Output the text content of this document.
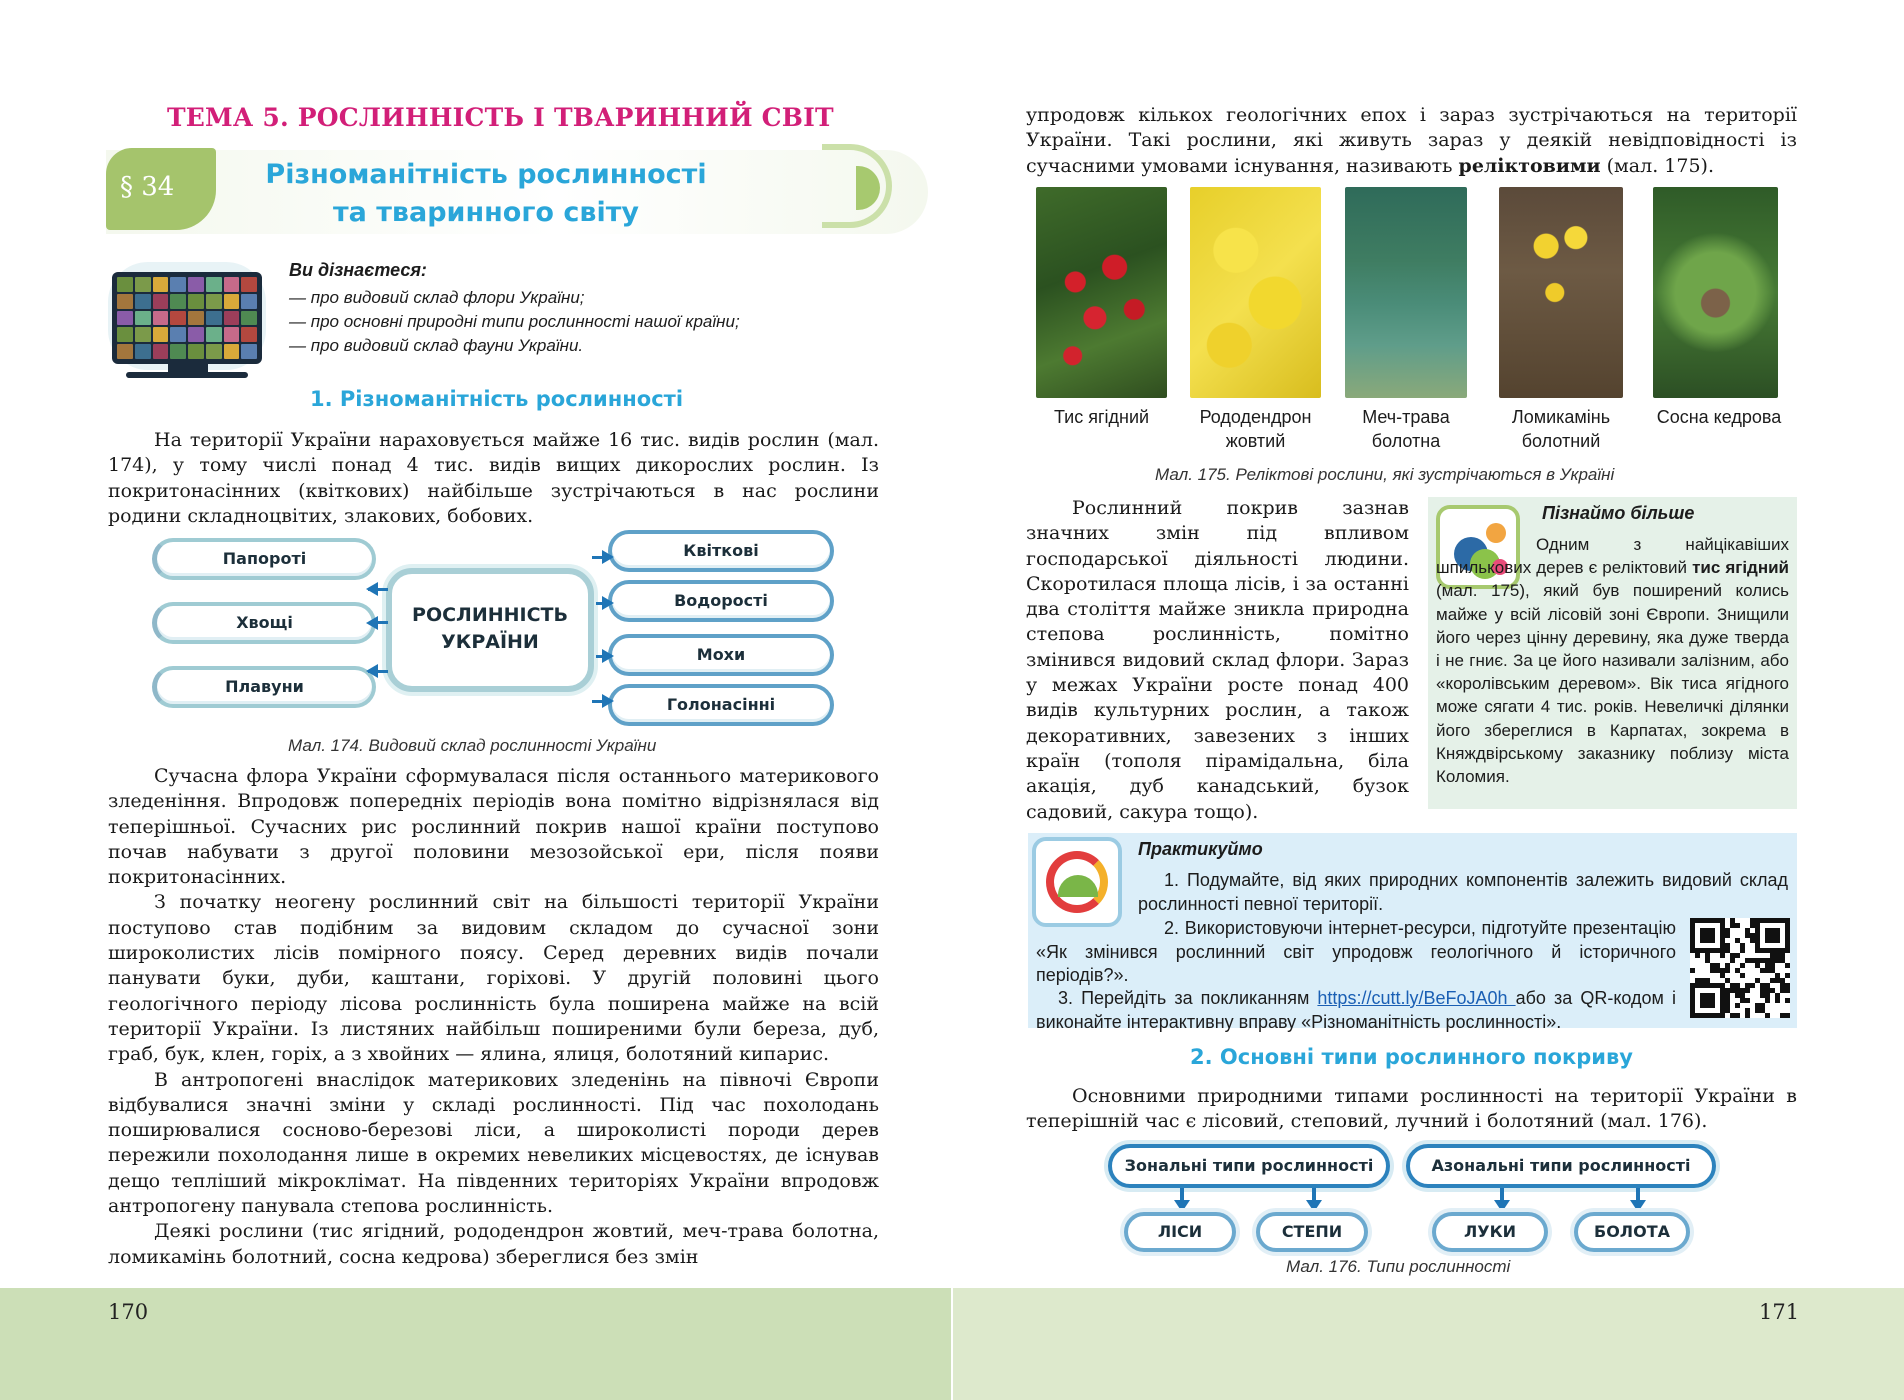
ТЕМА 5. РОСЛИННІСТЬ І ТВАРИННИЙ СВІТ
§ 34	Різноманітність рослинності
та тваринного світу
Ви дізнаєтеся:
— про видовий склад флори України;
— про основні природні типи рослинності нашої країни;
— про видовий склад фауни України.
1. Різноманітність рослинності

На території України нараховується майже 16 тис. видів рослин (мал. 174), у тому числі понад 4 тис. видів вищих дикорослих рослин. Із покритонасінних (квіткових) найбільше зустрічаються в нас рослини родини складноцвітих, злакових, бобових.

Папороті
Хвощі
Плавуни
РОСЛИННІСТЬ
УКРАЇНИ
Квіткові
Водорості
Мохи
Голонасінні
Мал. 174. Видовий склад рослинності України

Сучасна флора України сформувалася після останнього материкового зледеніння. Впродовж попередніх періодів вона помітно відрізнялася від теперішньої. Сучасних рис рослинний покрив нашої країни поступово почав набувати з другої половини мезозойської ери, після появи покритонасінних.

З початку неогену рослинний світ на більшості території України поступово став подібним за видовим складом до сучасної зони широколистих лісів помірного поясу. Серед деревних видів почали панувати буки, дуби, каштани, горіхові. У другій половині цього геологічного періоду лісова рослинність була поширена майже на всій території України. Із листяних найбільш поширеними були береза, дуб, граб, бук, клен, горіх, а з хвойних — ялина, ялиця, болотяний кипарис.

В антропогені внаслідок материкових зледенінь на півночі Європи відбувалися значні зміни у складі рослинності. Під час похолодань поширювалися сосново-березові ліси, а широколисті породи дерев пережили похолодання лише в окремих невеликих місцевостях, де існував дещо тепліший мікроклімат. На південних територіях України впродовж антропогену панувала степова рослинність.

Деякі рослини (тис ягідний, рододендрон жовтий, меч-трава болотна, ломикамінь болотний, сосна кедрова) збереглися без змін

170

упродовж кількох геологічних епох і зараз зустрічаються на території України. Такі рослини, які живуть зараз у деякій невідповідності із сучасними умовами існування, називають реліктовими (мал. 175).

Тис ягідний	Рододендрон
жовтий
Меч-трава
болотна
Ломикамінь
болотний
Сосна кедрова
Мал. 175. Реліктові рослини, які зустрічаються в Україні

Рослинний покрив зазнав значних змін під впливом господарської діяльності людини. Скоротилася площа лісів, і за останні два століття майже зникла природна степова рослинність, помітно змінився видовий склад флори. Зараз у межах України росте понад 400 видів культурних рослин, а також декоративних, завезених з інших країн (тополя пірамідальна, біла акація, дуб канадський, бузок садовий, сакура тощо).

Пізнаймо більше
Одним з найцікавіших шпилькових дерев є реліктовий тис ягідний (мал. 175), який був поширений колись майже у всій лісовій зоні Європи. Знищили його через цінну деревину, яка дуже тверда і не гниє. За це його називали залізним, або «королівським деревом». Вік тиса ягідного може сягати 4 тис. років. Невеличкі ділянки його збереглися в Карпатах, зокрема в Княждвірському заказнику поблизу міста Коломия.
Практикуймо
1. Подумайте, від яких природних компонентів залежить видовий склад рослинності певної території.
2. Використовуючи інтернет-ресурси, підготуйте презентацію «Як змінився рослинний світ упродовж геологічного й історичного періодів?».
3. Перейдіть за покликанням https://cutt.ly/BeFoJA0h або за QR-кодом і виконайте інтерактивну вправу «Різноманітність рослинності».
2. Основні типи рослинного покриву

Основними природними типами рослинності на території України в теперішній час є лісовий, степовий, лучний і болотяний (мал. 176).

Зональні типи рослинності	Азональні типи рослинності
ЛІСИ	СТЕПИ	ЛУКИ	БОЛОТА
Мал. 176. Типи рослинності
171
